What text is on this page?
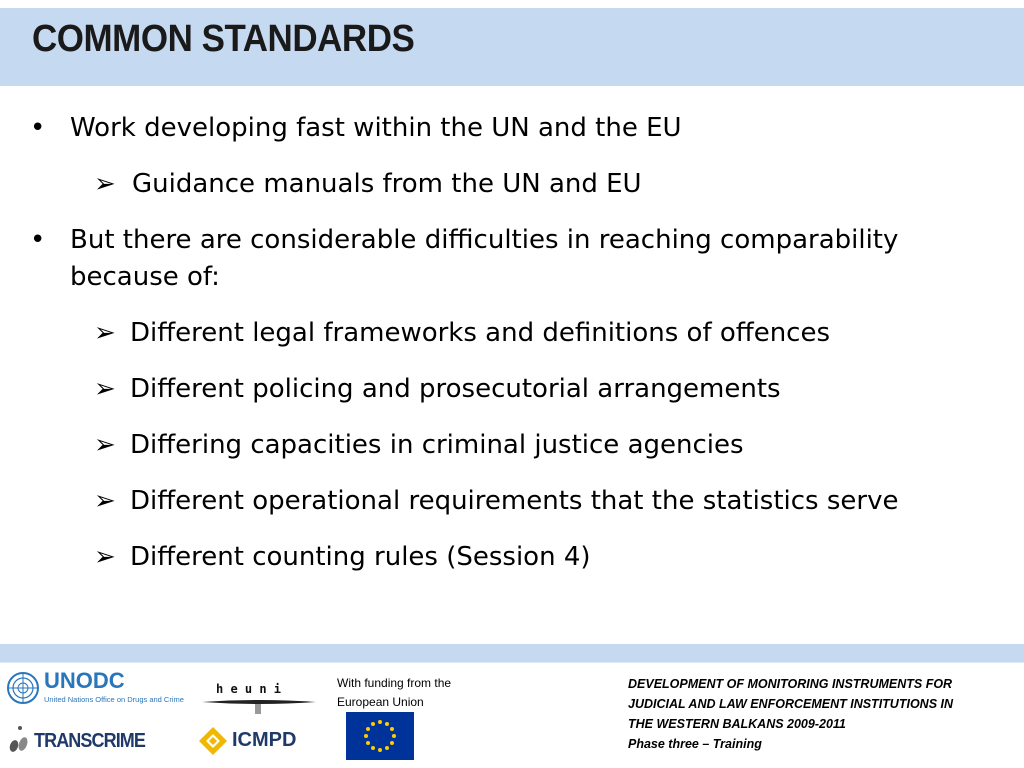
COMMON STANDARDS
• Work developing fast within the UN and the EU
➢ Guidance manuals from the UN and EU
• But there are considerable difficulties in reaching comparability
because of:
➢ Different legal frameworks and definitions of offences
➢ Different policing and prosecutorial arrangements
➢ Differing capacities in criminal justice agencies
➢ Different operational requirements that the statistics serve
➢ Different counting rules (Session 4)
UNODC
United Nations Office on Drugs and Crime
h e u n i
TRANSCRIME	ICMPD
With funding from the
European Union
DEVELOPMENT OF MONITORING INSTRUMENTS FOR
JUDICIAL AND LAW ENFORCEMENT INSTITUTIONS IN
THE WESTERN BALKANS 2009-2011
Phase three – Training
